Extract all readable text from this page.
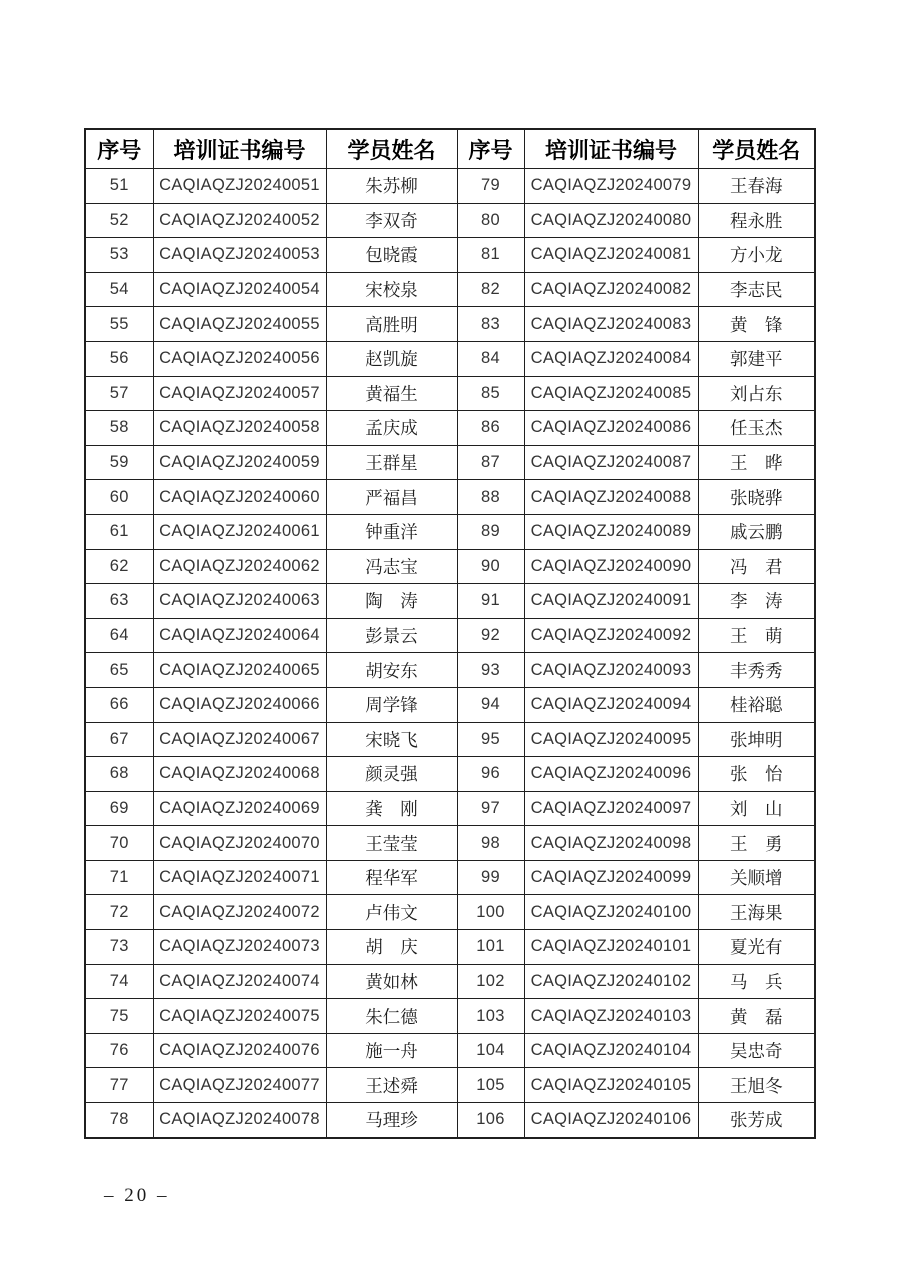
序号	培训证书编号	学员姓名	序号	培训证书编号	学员姓名
51	CAQIAQZJ20240051	朱苏柳	79	CAQIAQZJ20240079	王春海
52	CAQIAQZJ20240052	李双奇	80	CAQIAQZJ20240080	程永胜
53	CAQIAQZJ20240053	包晓霞	81	CAQIAQZJ20240081	方小龙
54	CAQIAQZJ20240054	宋校泉	82	CAQIAQZJ20240082	李志民
55	CAQIAQZJ20240055	高胜明	83	CAQIAQZJ20240083	黄　锋
56	CAQIAQZJ20240056	赵凯旋	84	CAQIAQZJ20240084	郭建平
57	CAQIAQZJ20240057	黄福生	85	CAQIAQZJ20240085	刘占东
58	CAQIAQZJ20240058	孟庆成	86	CAQIAQZJ20240086	任玉杰
59	CAQIAQZJ20240059	王群星	87	CAQIAQZJ20240087	王　晔
60	CAQIAQZJ20240060	严福昌	88	CAQIAQZJ20240088	张晓骅
61	CAQIAQZJ20240061	钟重洋	89	CAQIAQZJ20240089	戚云鹏
62	CAQIAQZJ20240062	冯志宝	90	CAQIAQZJ20240090	冯　君
63	CAQIAQZJ20240063	陶　涛	91	CAQIAQZJ20240091	李　涛
64	CAQIAQZJ20240064	彭景云	92	CAQIAQZJ20240092	王　萌
65	CAQIAQZJ20240065	胡安东	93	CAQIAQZJ20240093	丰秀秀
66	CAQIAQZJ20240066	周学锋	94	CAQIAQZJ20240094	桂裕聪
67	CAQIAQZJ20240067	宋晓飞	95	CAQIAQZJ20240095	张坤明
68	CAQIAQZJ20240068	颜灵强	96	CAQIAQZJ20240096	张　怡
69	CAQIAQZJ20240069	龚　刚	97	CAQIAQZJ20240097	刘　山
70	CAQIAQZJ20240070	王莹莹	98	CAQIAQZJ20240098	王　勇
71	CAQIAQZJ20240071	程华军	99	CAQIAQZJ20240099	关顺增
72	CAQIAQZJ20240072	卢伟文	100	CAQIAQZJ20240100	王海果
73	CAQIAQZJ20240073	胡　庆	101	CAQIAQZJ20240101	夏光有
74	CAQIAQZJ20240074	黄如林	102	CAQIAQZJ20240102	马　兵
75	CAQIAQZJ20240075	朱仁德	103	CAQIAQZJ20240103	黄　磊
76	CAQIAQZJ20240076	施一舟	104	CAQIAQZJ20240104	吴忠奇
77	CAQIAQZJ20240077	王述舜	105	CAQIAQZJ20240105	王旭冬
78	CAQIAQZJ20240078	马理珍	106	CAQIAQZJ20240106	张芳成
– 20 –
